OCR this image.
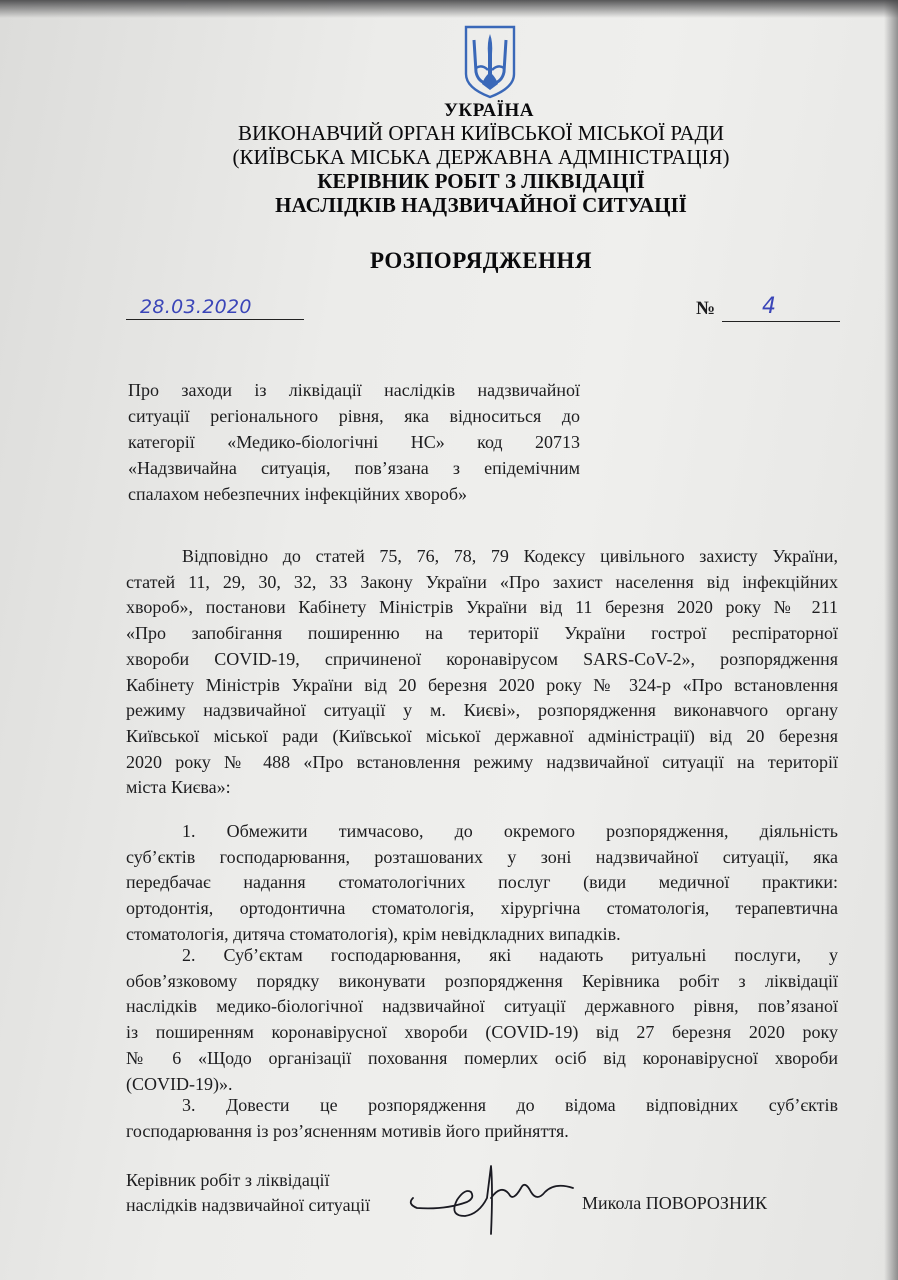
УКРАЇНА
ВИКОНАВЧИЙ ОРГАН КИЇВСЬКОЇ МІСЬКОЇ РАДИ
(КИЇВСЬКА МІСЬКА ДЕРЖАВНА АДМІНІСТРАЦІЯ)
КЕРІВНИК РОБІТ З ЛІКВІДАЦІЇ
НАСЛІДКІВ НАДЗВИЧАЙНОЇ СИТУАЦІЇ
РОЗПОРЯДЖЕННЯ
28.03.2020	№ 4
Про заходи із ліквідації наслідків надзвичайної
ситуації регіонального рівня, яка відноситься до
категорії «Медико-біологічні НС» код 20713
«Надзвичайна ситуація, пов’язана з епідемічним
спалахом небезпечних інфекційних хвороб»
Відповідно до статей 75, 76, 78, 79 Кодексу цивільного захисту України,
статей 11, 29, 30, 32, 33 Закону України «Про захист населення від інфекційних
хвороб», постанови Кабінету Міністрів України від 11 березня 2020 року № 211
«Про запобігання поширенню на території України гострої респіраторної
хвороби COVID-19, спричиненої коронавірусом SARS-CoV-2», розпорядження
Кабінету Міністрів України від 20 березня 2020 року № 324-р «Про встановлення
режиму надзвичайної ситуації у м. Києві», розпорядження виконавчого органу
Київської міської ради (Київської міської державної адміністрації) від 20 березня
2020 року № 488 «Про встановлення режиму надзвичайної ситуації на території
міста Києва»:
1. Обмежити тимчасово, до окремого розпорядження, діяльність
суб’єктів господарювання, розташованих у зоні надзвичайної ситуації, яка
передбачає надання стоматологічних послуг (види медичної практики:
ортодонтія, ортодонтична стоматологія, хірургічна стоматологія, терапевтична
стоматологія, дитяча стоматологія), крім невідкладних випадків.
2. Суб’єктам господарювання, які надають ритуальні послуги, у
обов’язковому порядку виконувати розпорядження Керівника робіт з ліквідації
наслідків медико-біологічної надзвичайної ситуації державного рівня, пов’язаної
із поширенням коронавірусної хвороби (COVID-19) від 27 березня 2020 року
№ 6 «Щодо організації поховання померлих осіб від коронавірусної хвороби
(COVID-19)».
3. Довести це розпорядження до відома відповідних суб’єктів
господарювання із роз’ясненням мотивів його прийняття.
Керівник робіт з ліквідації
наслідків надзвичайної ситуації	Микола ПОВОРОЗНИК
